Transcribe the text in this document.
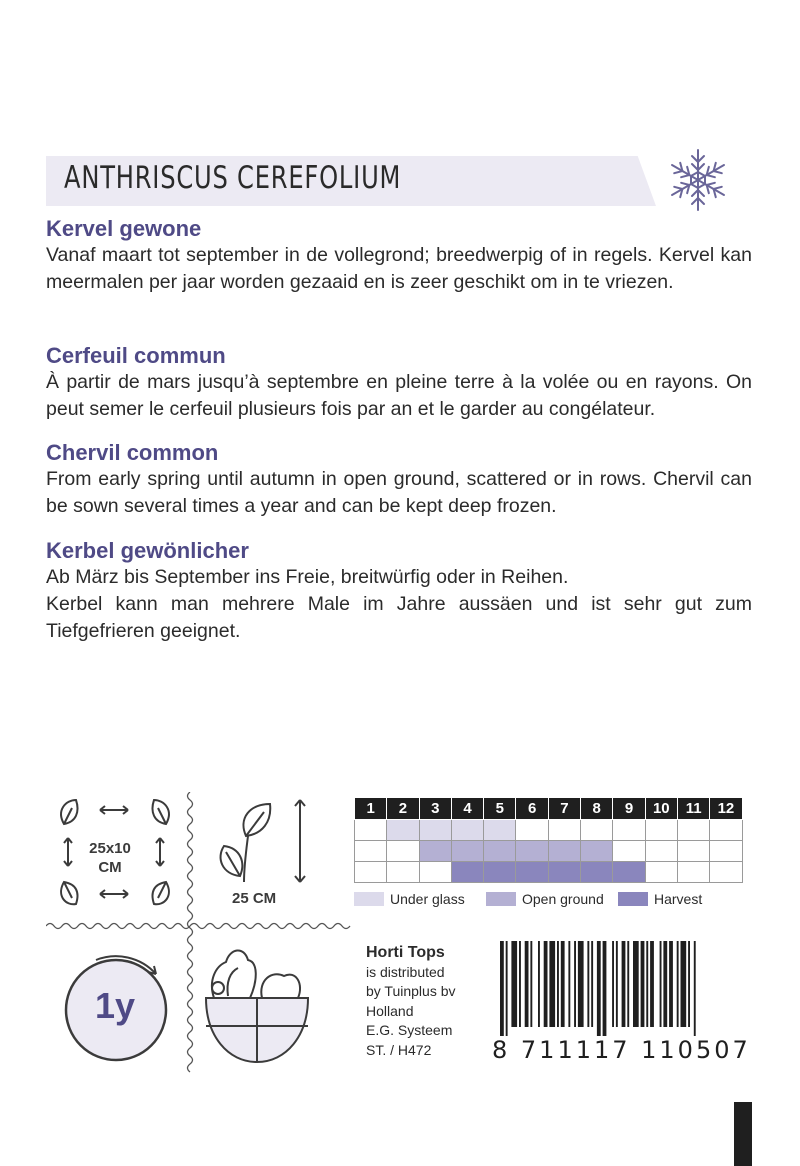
ANTHRISCUS CEREFOLIUM
Kervel gewone

Vanaf maart tot september in de vollegrond; breedwerpig of in regels. Kervel kan meermalen per jaar worden gezaaid en is zeer geschikt om in te vriezen.

Cerfeuil commun

À partir de mars jusqu’à septembre en pleine terre à la volée ou en rayons. On peut semer le cerfeuil plusieurs fois par an et le garder au congélateur.

Chervil common

From early spring until autumn in open ground, scattered or in rows. Chervil can be sown several times a year and can be kept deep frozen.

Kerbel gewönlicher

Ab März bis September ins Freie, breitwürfig oder in Reihen.

Kerbel kann man mehrere Male im Jahre aussäen und ist sehr gut zum Tiefgefrieren geeignet.

25x10
CM
25 CM
1y
1	2	3	4	5	6	7	8	9	10	11	12

Under glass	Open ground	Harvest
Horti Tops
is distributed
by Tuinplus bv
Holland
E.G. Systeem
ST. / H472	8 711117 110507
